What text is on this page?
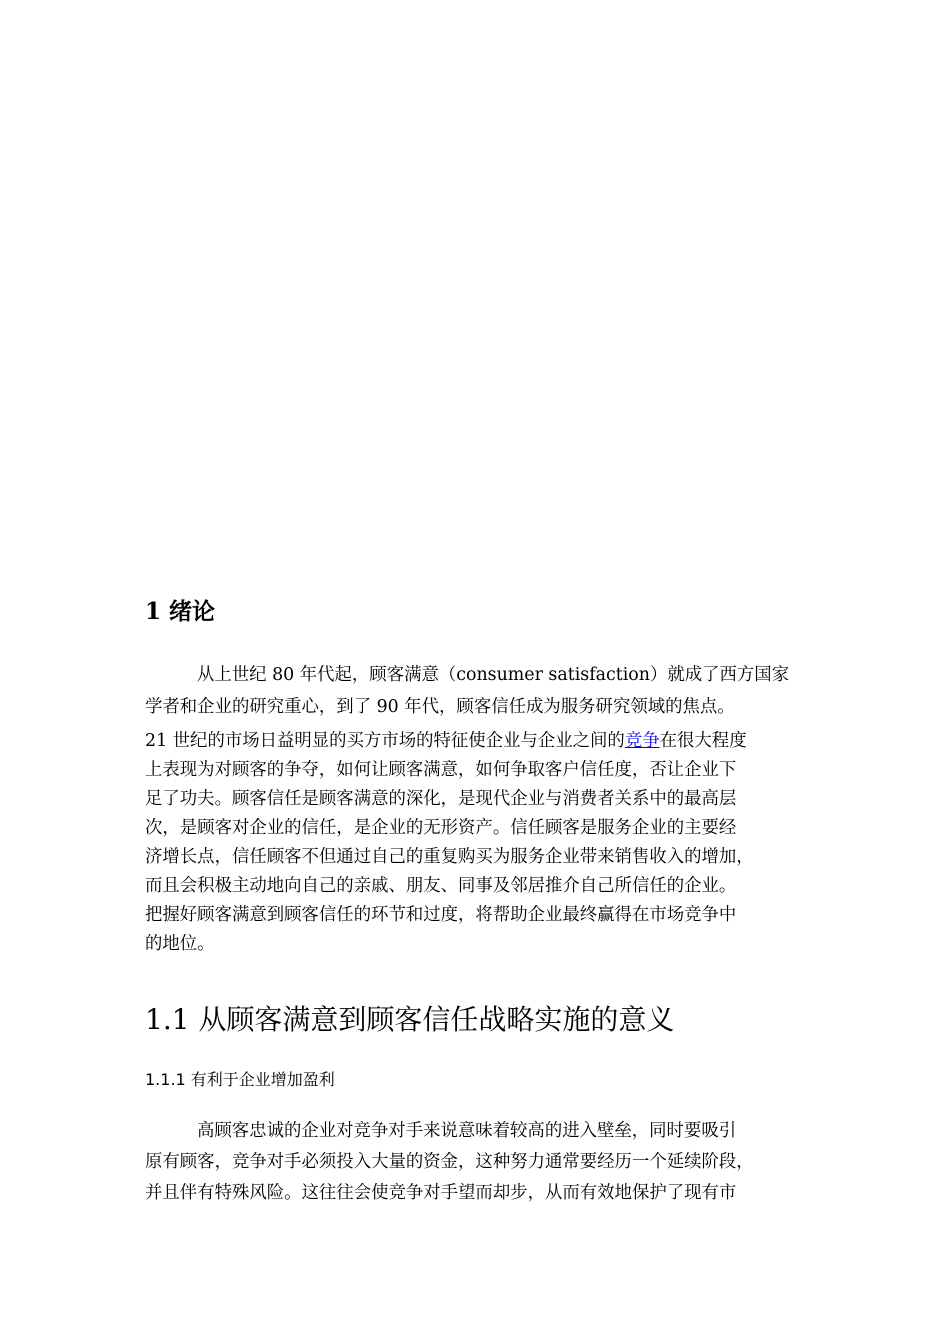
1 绪论
从上世纪 80 年代起，顾客满意（consumer satisfaction）就成了西方国家
学者和企业的研究重心，到了 90 年代，顾客信任成为服务研究领域的焦点。
21 世纪的市场日益明显的买方市场的特征使企业与企业之间的竞争在很大程度
上表现为对顾客的争夺，如何让顾客满意，如何争取客户信任度，否让企业下
足了功夫。顾客信任是顾客满意的深化，是现代企业与消费者关系中的最高层
次，是顾客对企业的信任，是企业的无形资产。信任顾客是服务企业的主要经
济增长点，信任顾客不但通过自己的重复购买为服务企业带来销售收入的增加，
而且会积极主动地向自己的亲戚、朋友、同事及邻居推介自己所信任的企业。
把握好顾客满意到顾客信任的环节和过度，将帮助企业最终赢得在市场竞争中
的地位。
1.1 从顾客满意到顾客信任战略实施的意义
1.1.1 有利于企业增加盈利
高顾客忠诚的企业对竞争对手来说意味着较高的进入壁垒，同时要吸引
原有顾客，竞争对手必须投入大量的资金，这种努力通常要经历一个延续阶段，
并且伴有特殊风险。这往往会使竞争对手望而却步，从而有效地保护了现有市
